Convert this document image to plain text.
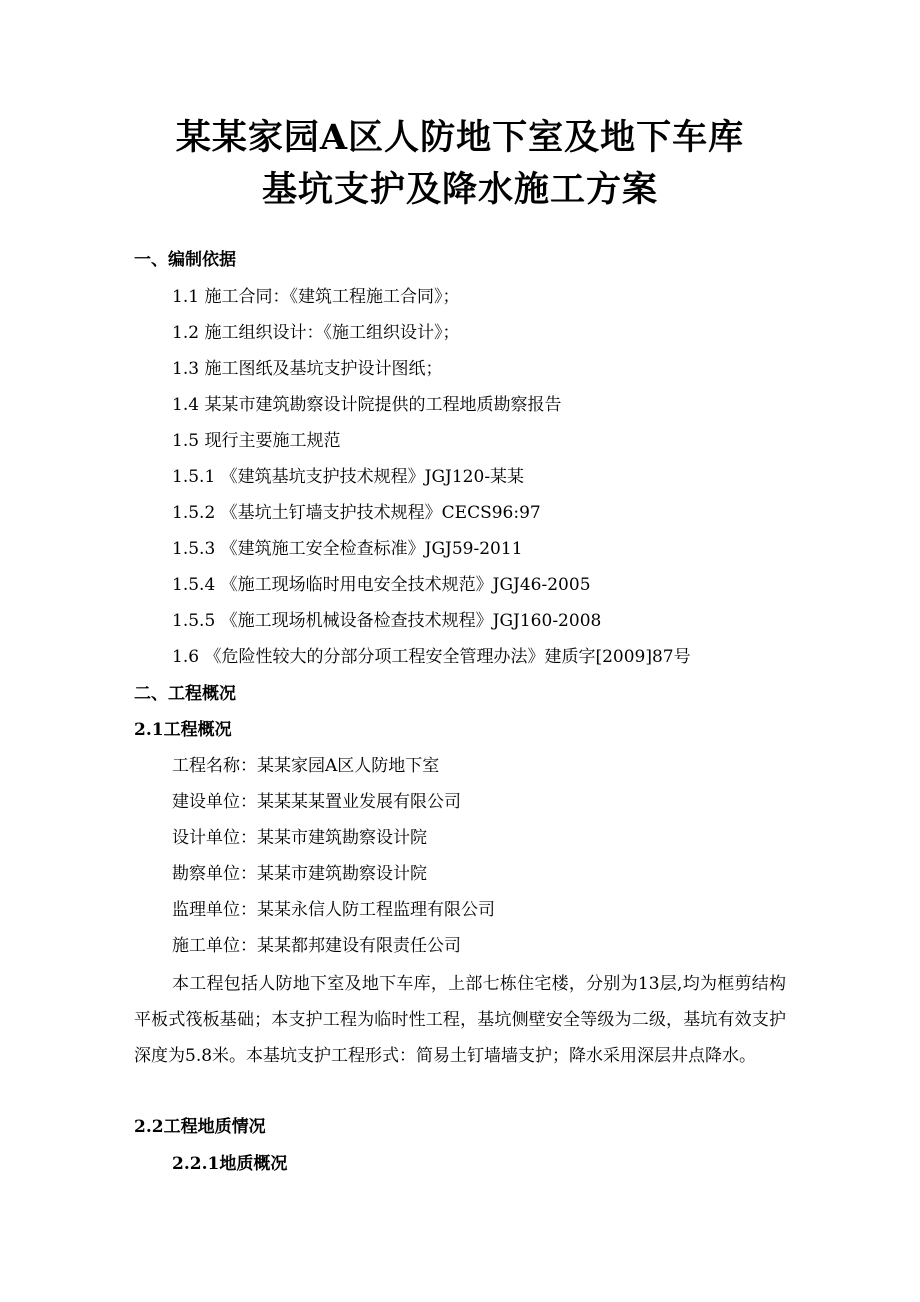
某某家园A区人防地下室及地下车库
基坑支护及降水施工方案
一、编制依据
1.1 施工合同：《建筑工程施工合同》；
1.2 施工组织设计：《施工组织设计》；
1.3 施工图纸及基坑支护设计图纸；
1.4 某某市建筑勘察设计院提供的工程地质勘察报告
1.5 现行主要施工规范
1.5.1 《建筑基坑支护技术规程》JGJ120-某某
1.5.2 《基坑土钉墙支护技术规程》CECS96:97
1.5.3 《建筑施工安全检查标准》JGJ59-2011
1.5.4 《施工现场临时用电安全技术规范》JGJ46-2005
1.5.5 《施工现场机械设备检查技术规程》JGJ160-2008
1.6 《危险性较大的分部分项工程安全管理办法》建质字[2009]87号
二、工程概况
2.1工程概况
工程名称：某某家园A区人防地下室
建设单位：某某某某置业发展有限公司
设计单位：某某市建筑勘察设计院
勘察单位：某某市建筑勘察设计院
监理单位：某某永信人防工程监理有限公司
施工单位：某某都邦建设有限责任公司
本工程包括人防地下室及地下车库，上部七栋住宅楼，分别为13层,均为框剪结构平板式筏板基础；本支护工程为临时性工程，基坑侧壁安全等级为二级，基坑有效支护深度为5.8米。本基坑支护工程形式：简易土钉墙墙支护；降水采用深层井点降水。
2.2工程地质情况
2.2.1地质概况
